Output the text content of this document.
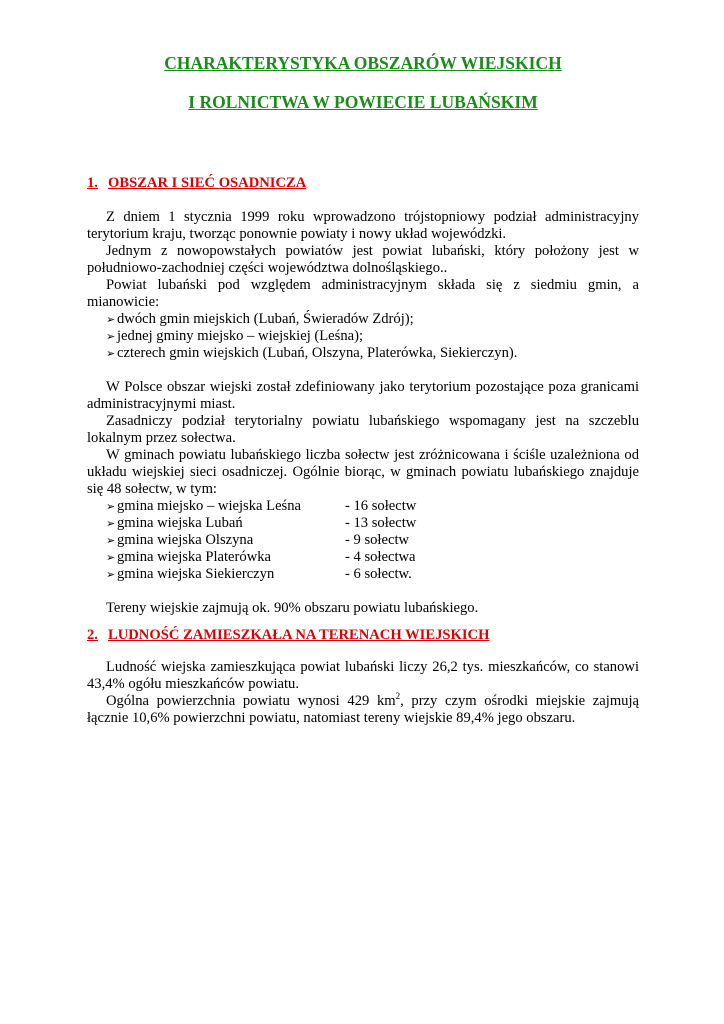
CHARAKTERYSTYKA OBSZARÓW WIEJSKICH
I ROLNICTWA W POWIECIE LUBAŃSKIM
1. OBSZAR I SIEĆ OSADNICZA

Z dniem 1 stycznia 1999 roku wprowadzono trójstopniowy podział administracyjny terytorium kraju, tworząc ponownie powiaty i nowy układ wojewódzki.

Jednym z nowopowstałych powiatów jest powiat lubański, który położony jest w południowo-zachodniej części województwa dolnośląskiego..

Powiat lubański pod względem administracyjnym składa się z siedmiu gmin, a mianowicie:

➢ dwóch gmin miejskich (Lubań, Świeradów Zdrój);
➢ jednej gminy miejsko – wiejskiej (Leśna);
➢ czterech gmin wiejskich (Lubań, Olszyna, Platerówka, Siekierczyn).

W Polsce obszar wiejski został zdefiniowany jako terytorium pozostające poza granicami administracyjnymi miast.

Zasadniczy podział terytorialny powiatu lubańskiego wspomagany jest na szczeblu lokalnym przez sołectwa.

W gminach powiatu lubańskiego liczba sołectw jest zróżnicowana i ściśle uzależniona od układu wiejskiej sieci osadniczej. Ogólnie biorąc, w gminach powiatu lubańskiego znajduje się 48 sołectw, w tym:

➢ gmina miejsko – wiejska Leśna	- 16 sołectw
➢ gmina wiejska Lubań	- 13 sołectw
➢ gmina wiejska Olszyna	- 9 sołectw
➢ gmina wiejska Platerówka	- 4 sołectwa
➢ gmina wiejska Siekierczyn	- 6 sołectw.

Tereny wiejskie zajmują ok. 90% obszaru powiatu lubańskiego.

2. LUDNOŚĆ ZAMIESZKAŁA NA TERENACH WIEJSKICH

Ludność wiejska zamieszkująca powiat lubański liczy 26,2 tys. mieszkańców, co stanowi 43,4% ogółu mieszkańców powiatu.

Ogólna powierzchnia powiatu wynosi 429 $km^2$, przy czym ośrodki miejskie zajmują łącznie 10,6% powierzchni powiatu, natomiast tereny wiejskie 89,4% jego obszaru.
